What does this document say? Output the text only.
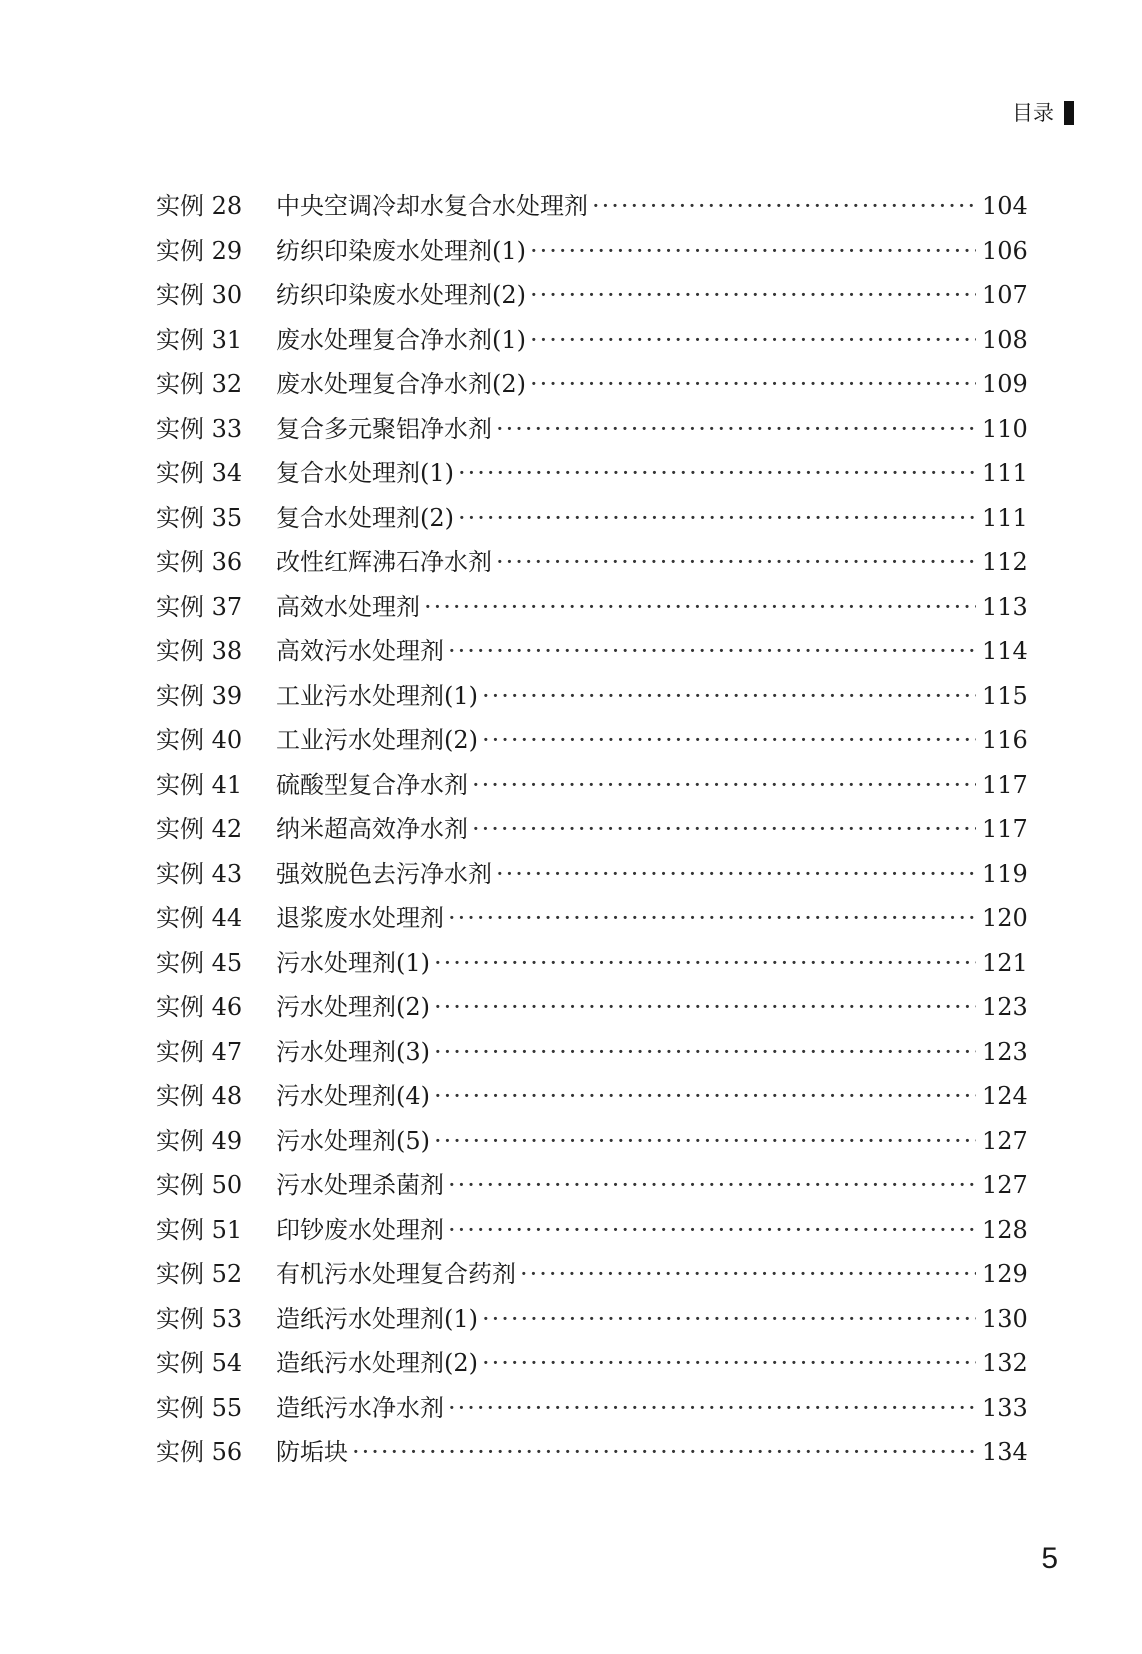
目录
实例 28	中央空调冷却水复合水处理剂 ·····	104
实例 29	纺织印染废水处理剂(1) ·····	106
实例 30	纺织印染废水处理剂(2) ·····	107
实例 31	废水处理复合净水剂(1) ·····	108
实例 32	废水处理复合净水剂(2) ·····	109
实例 33	复合多元聚铝净水剂 ·····	110
实例 34	复合水处理剂(1) ·····	111
实例 35	复合水处理剂(2) ·····	111
实例 36	改性红辉沸石净水剂 ·····	112
实例 37	高效水处理剂 ·····	113
实例 38	高效污水处理剂 ·····	114
实例 39	工业污水处理剂(1) ·····	115
实例 40	工业污水处理剂(2) ·····	116
实例 41	硫酸型复合净水剂 ·····	117
实例 42	纳米超高效净水剂 ·····	117
实例 43	强效脱色去污净水剂 ·····	119
实例 44	退浆废水处理剂 ·····	120
实例 45	污水处理剂(1) ·····	121
实例 46	污水处理剂(2) ·····	123
实例 47	污水处理剂(3) ·····	123
实例 48	污水处理剂(4) ·····	124
实例 49	污水处理剂(5) ·····	127
实例 50	污水处理杀菌剂 ·····	127
实例 51	印钞废水处理剂 ·····	128
实例 52	有机污水处理复合药剂 ·····	129
实例 53	造纸污水处理剂(1) ·····	130
实例 54	造纸污水处理剂(2) ·····	132
实例 55	造纸污水净水剂 ·····	133
实例 56	防垢块 ·····	134
5
